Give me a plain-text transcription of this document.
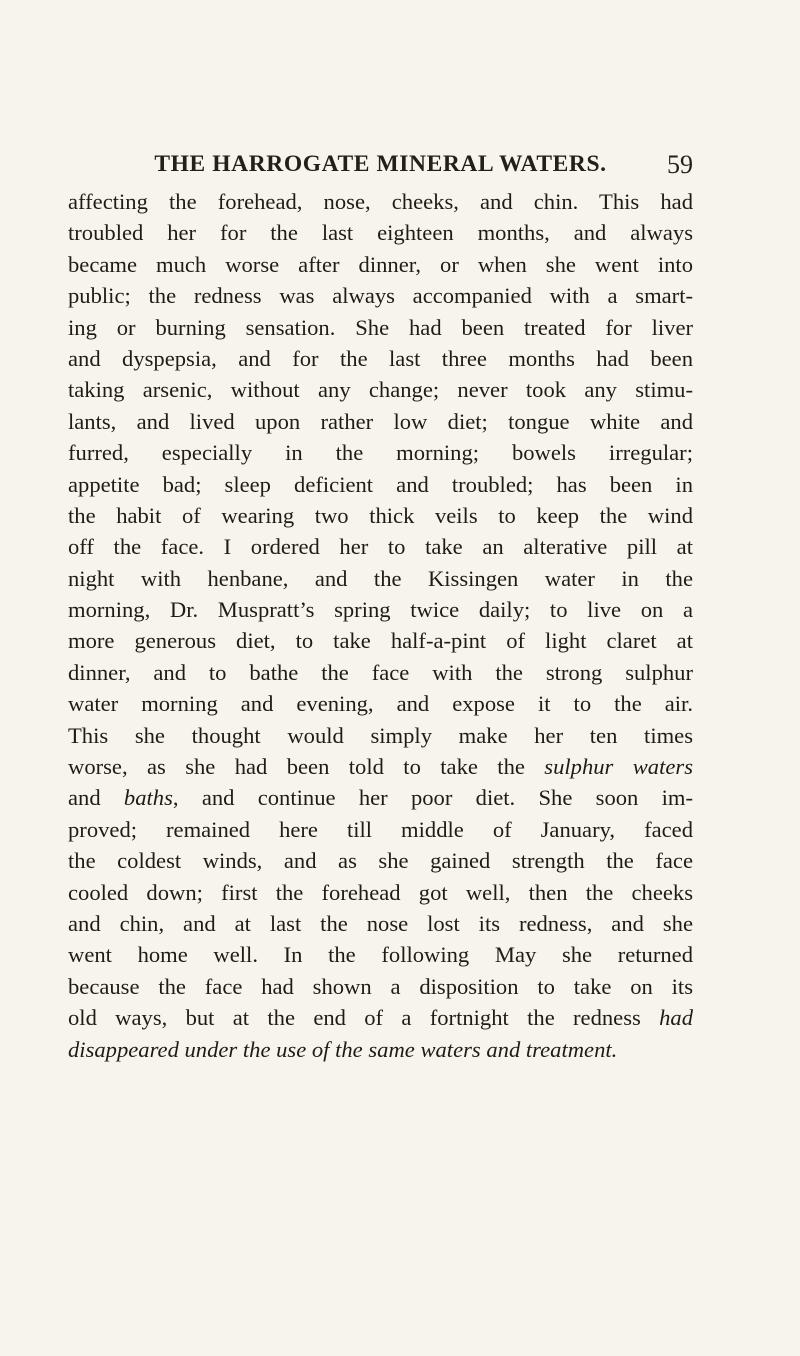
THE HARROGATE MINERAL WATERS.	59
affecting the forehead, nose, cheeks, and chin. This had
troubled her for the last eighteen months, and always
became much worse after dinner, or when she went into
public; the redness was always accompanied with a smart-
ing or burning sensation. She had been treated for liver
and dyspepsia, and for the last three months had been
taking arsenic, without any change; never took any stimu-
lants, and lived upon rather low diet; tongue white and
furred, especially in the morning; bowels irregular;
appetite bad; sleep deficient and troubled; has been in
the habit of wearing two thick veils to keep the wind
off the face. I ordered her to take an alterative pill at
night with henbane, and the Kissingen water in the
morning, Dr. Muspratt’s spring twice daily; to live on a
more generous diet, to take half-a-pint of light claret at
dinner, and to bathe the face with the strong sulphur
water morning and evening, and expose it to the air.
This she thought would simply make her ten times
worse, as she had been told to take the sulphur waters
and baths, and continue her poor diet. She soon im-
proved; remained here till middle of January, faced
the coldest winds, and as she gained strength the face
cooled down; first the forehead got well, then the cheeks
and chin, and at last the nose lost its redness, and she
went home well. In the following May she returned
because the face had shown a disposition to take on its
old ways, but at the end of a fortnight the redness had
disappeared under the use of the same waters and treatment.
